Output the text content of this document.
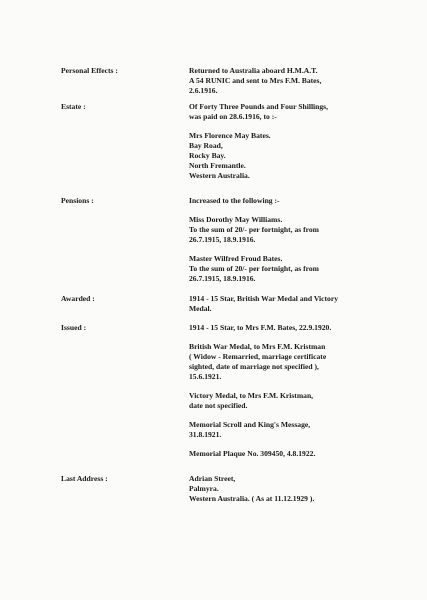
Personal Effects :	Returned to Australia aboard H.M.A.T.
A 54 RUNIC and sent to Mrs F.M. Bates,
2.6.1916.
Estate :	Of Forty Three Pounds and Four Shillings,
was paid on 28.6.1916, to :-
Mrs Florence May Bates.
Bay Road,
Rocky Bay.
North Fremantle.
Western Australia.
Pensions :	Increased to the following :-
Miss Dorothy May Williams.
To the sum of 20/- per fortnight, as from
26.7.1915, 18.9.1916.
Master Wilfred Froud Bates.
To the sum of 20/- per fortnight, as from
26.7.1915, 18.9.1916.
Awarded :	1914 - 15 Star, British War Medal and Victory
Medal.
Issued :	1914 - 15 Star, to Mrs F.M. Bates, 22.9.1920.
British War Medal, to Mrs F.M. Kristman
( Widow - Remarried, marriage certificate
sighted, date of marriage not specified ),
15.6.1921.
Victory Medal, to Mrs F.M. Kristman,
date not specified.
Memorial Scroll and King's Message,
31.8.1921.
Memorial Plaque No. 309450, 4.8.1922.
Last Address :	Adrian Street,
Palmyra.
Western Australia. ( As at 11.12.1929 ).
